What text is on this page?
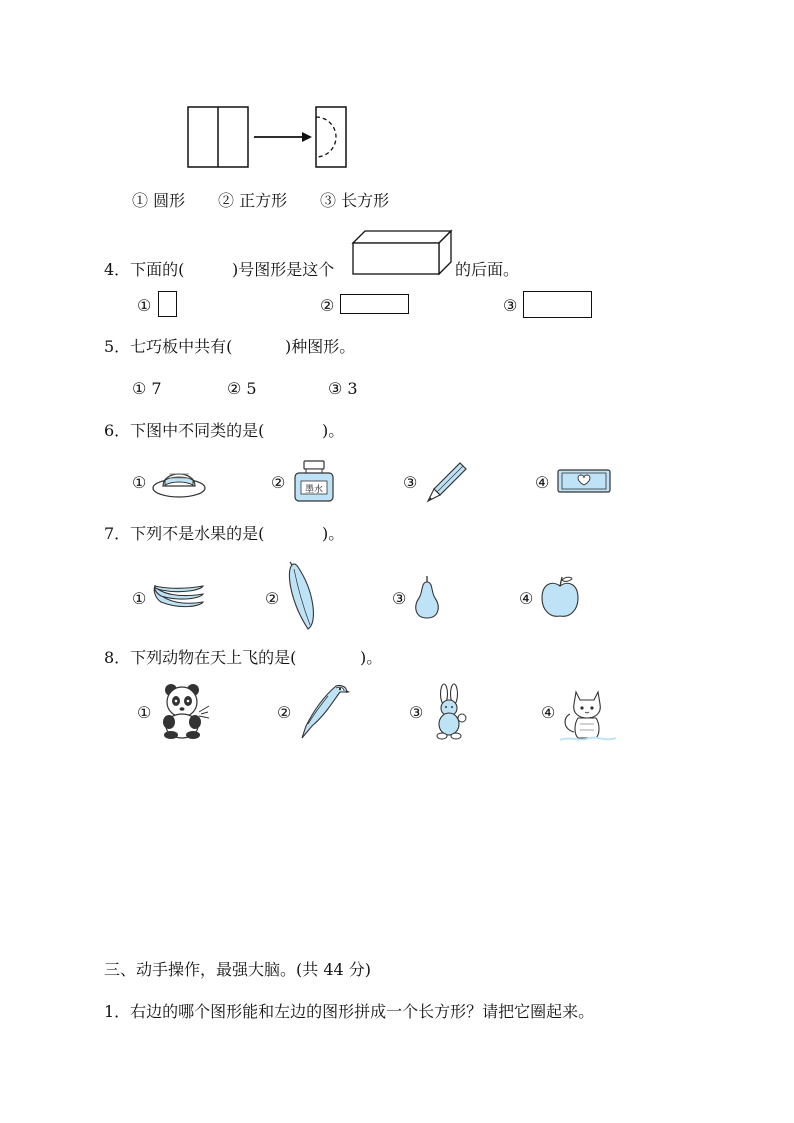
① 圆形 ② 正方形 ③ 长方形
4．下面的(	)号图形是这个	的后面。
①	②	③
5．七巧板中共有(	)种图形。
① 7	② 5	③ 3
6．下图中不同类的是(	)。
①	② 墨水	③	④
7．下列不是水果的是(	)。
①	②	③	④
8．下列动物在天上飞的是(	)。
①	②	③	④
三、动手操作，最强大脑。(共 44 分)
1．右边的哪个图形能和左边的图形拼成一个长方形？请把它圈起来。
